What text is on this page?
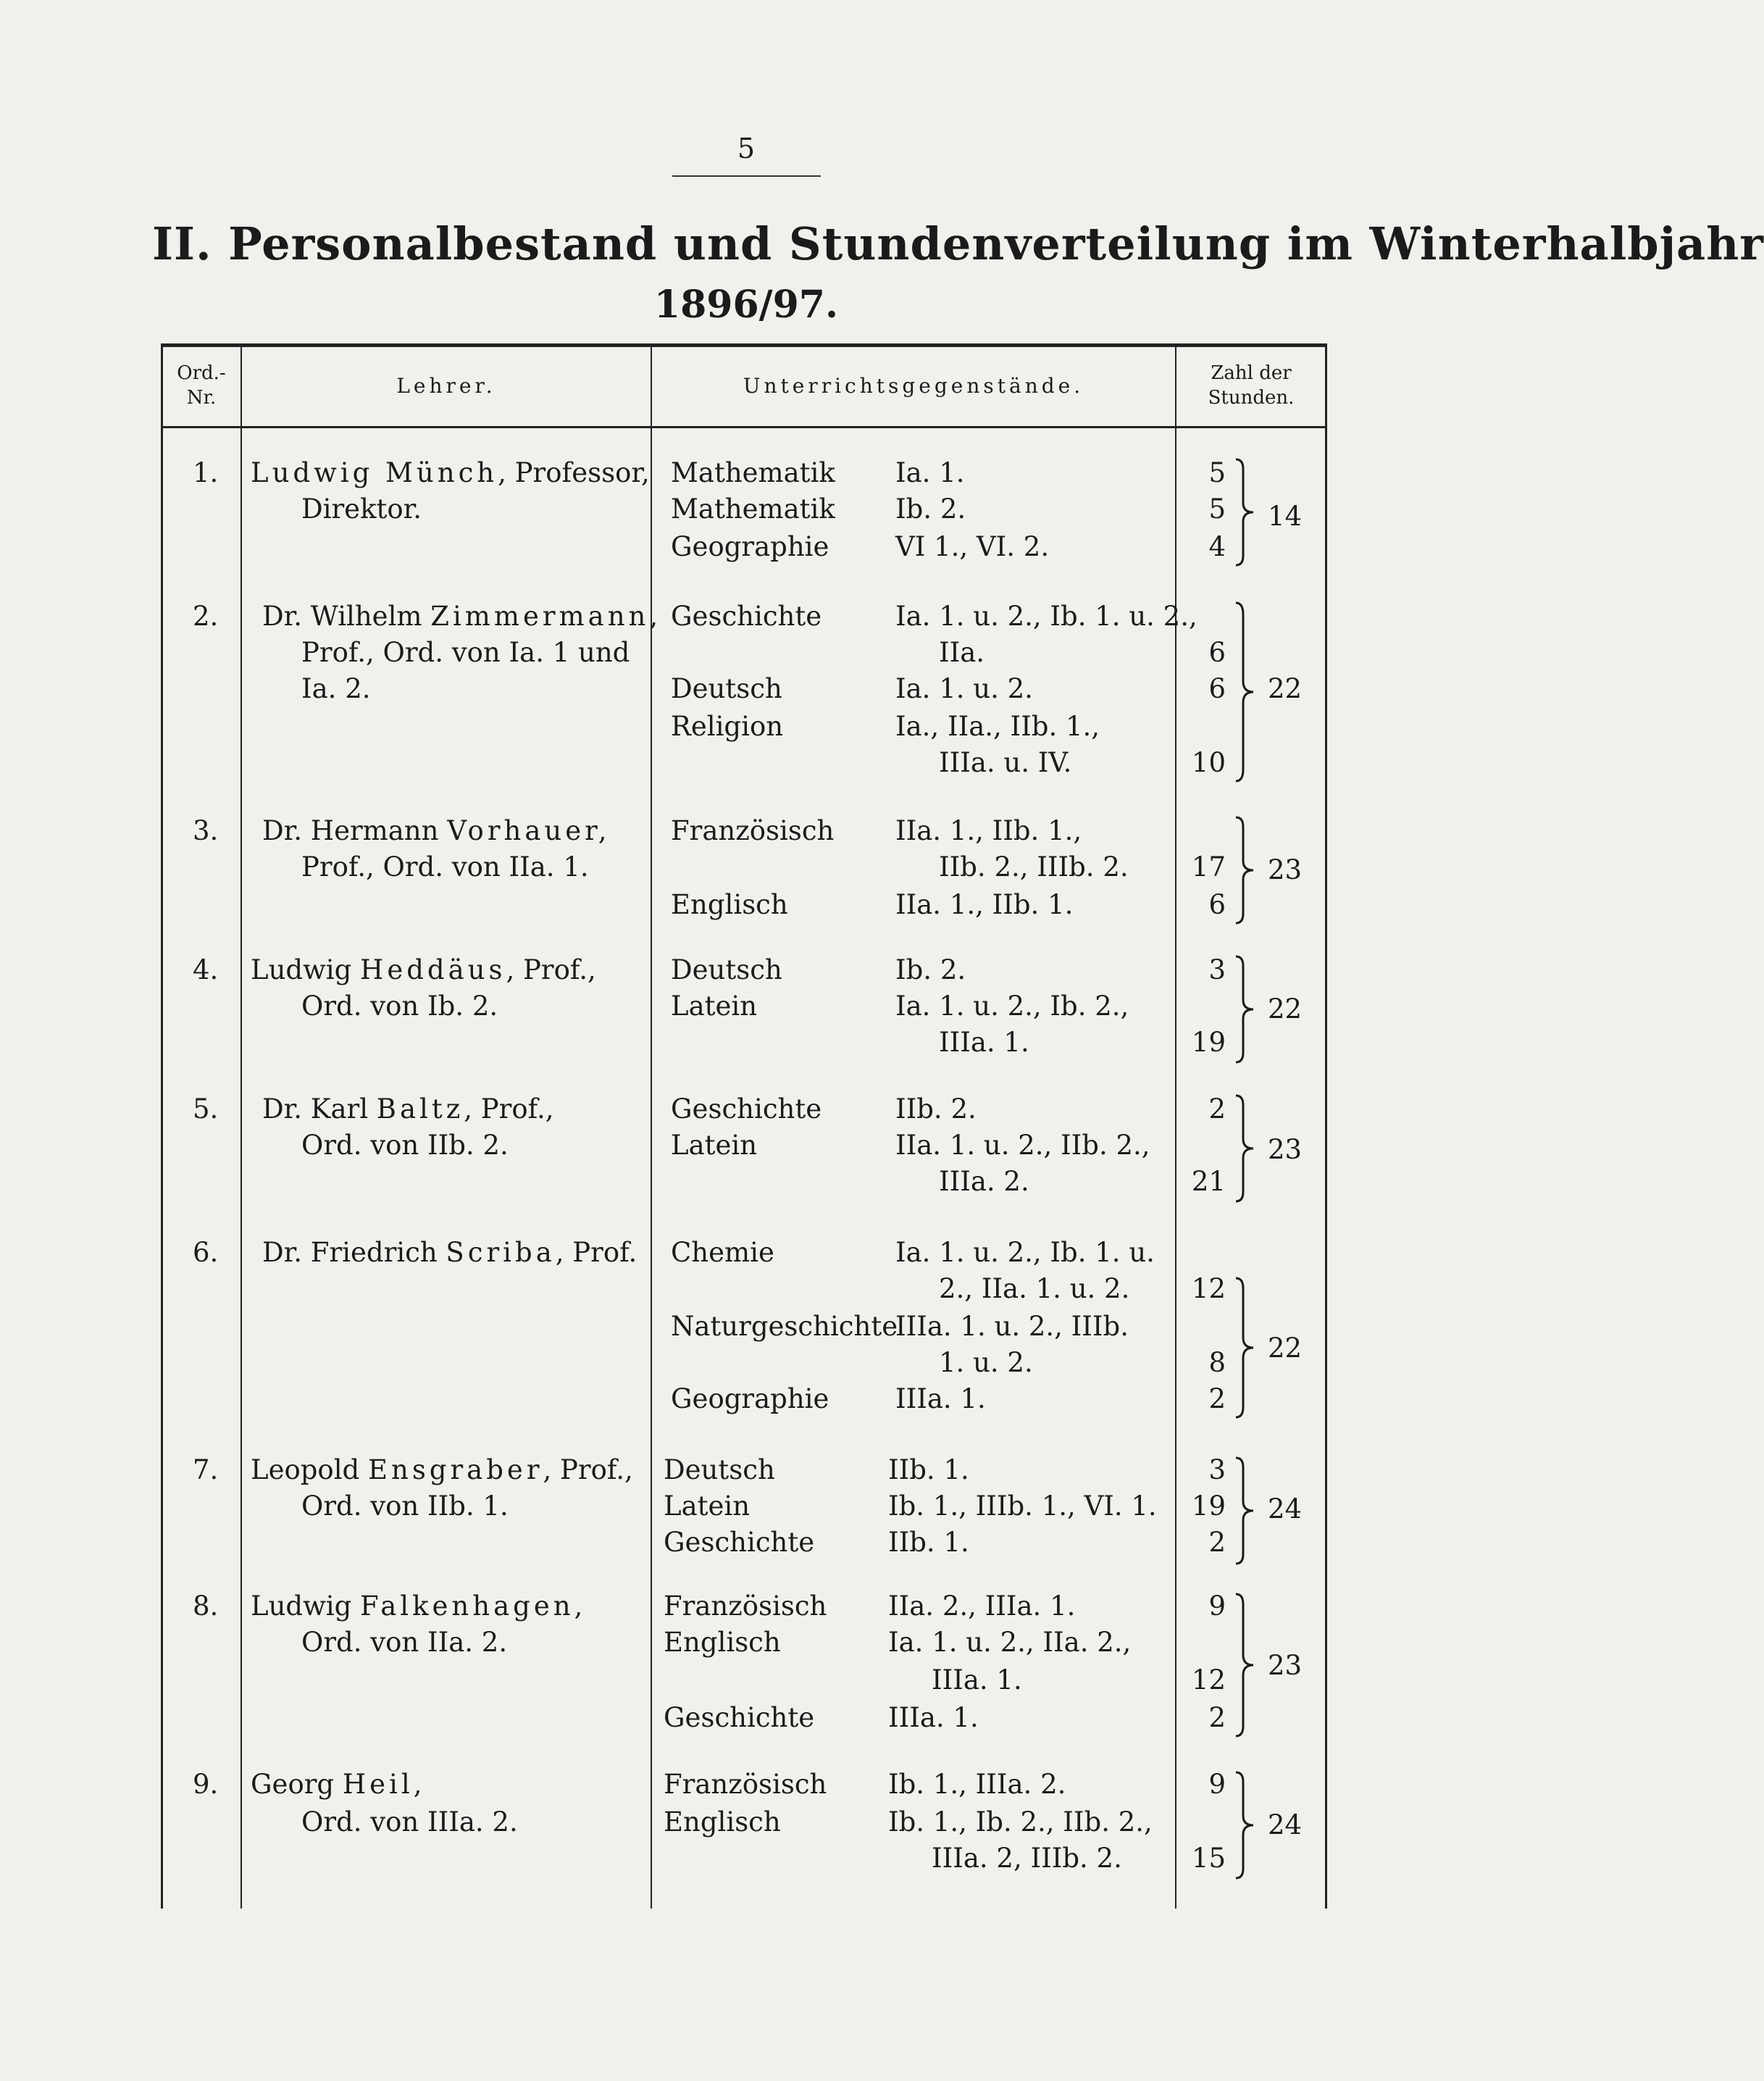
5
II. Personalbestand und Stundenverteilung im Winterhalbjahr
1896/97.
Ord.-
Nr.	Lehrer.	Unterrichtsgegenstände.
Zahl der
Stunden.
1. Ludwig Münch, Professor,
Direktor.
Mathematik
Mathematik
Geographie
Ia. 1.
Ib. 2.
VI 1., VI. 2.
5
5
4
14
2. Dr. Wilhelm Zimmermann,
Prof., Ord. von Ia. 1 und
Ia. 2.
Geschichte
Deutsch
Religion
Ia. 1. u. 2., Ib. 1. u. 2.,
IIa.
Ia. 1. u. 2.
Ia., IIa., IIb. 1.,
IIIa. u. IV.
6
6
10
22
3. Dr. Hermann Vorhauer,
Prof., Ord. von IIa. 1.
Französisch
Englisch
IIa. 1., IIb. 1.,
IIb. 2., IIIb. 2.
IIa. 1., IIb. 1.
17
6
23
4. Ludwig Heddäus, Prof.,
Ord. von Ib. 2.
Deutsch
Latein
Ib. 2.
Ia. 1. u. 2., Ib. 2.,
IIIa. 1.
3
19
22
5. Dr. Karl Baltz, Prof.,
Ord. von IIb. 2.
Geschichte
Latein
IIb. 2.
IIa. 1. u. 2., IIb. 2.,
IIIa. 2.
2
21
23
6. Dr. Friedrich Scriba, Prof. Chemie
Naturgeschichte
Geographie
Ia. 1. u. 2., Ib. 1. u.
2., IIa. 1. u. 2.
IIIa. 1. u. 2., IIIb.
1. u. 2.
IIIa. 1.
12
8
2
22
7. Leopold Ensgraber, Prof.,
Ord. von IIb. 1.
Deutsch
Latein
Geschichte
IIb. 1.
Ib. 1., IIIb. 1., VI. 1.
IIb. 1.
3
19
2
24
8. Ludwig Falkenhagen,
Ord. von IIa. 2.
Französisch
Englisch
Geschichte
IIa. 2., IIIa. 1.
Ia. 1. u. 2., IIa. 2.,
IIIa. 1.
IIIa. 1.
9
12
2
23
9. Georg Heil,
Ord. von IIIa. 2.
Französisch
Englisch
Ib. 1., IIIa. 2.
Ib. 1., Ib. 2., IIb. 2.,
IIIa. 2, IIIb. 2.
9
15
24
